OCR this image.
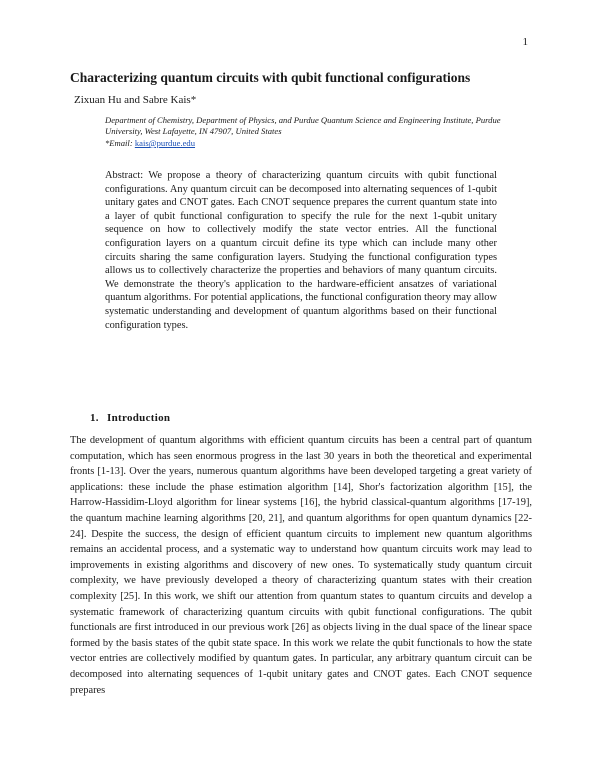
1
Characterizing quantum circuits with qubit functional configurations
Zixuan Hu and Sabre Kais*
Department of Chemistry, Department of Physics, and Purdue Quantum Science and Engineering Institute, Purdue University, West Lafayette, IN 47907, United States
*Email: kais@purdue.edu

Abstract: We propose a theory of characterizing quantum circuits with qubit functional configurations. Any quantum circuit can be decomposed into alternating sequences of 1-qubit unitary gates and CNOT gates. Each CNOT sequence prepares the current quantum state into a layer of qubit functional configuration to specify the rule for the next 1-qubit unitary sequence on how to collectively modify the state vector entries. All the functional configuration layers on a quantum circuit define its type which can include many other circuits sharing the same configuration layers. Studying the functional configuration types allows us to collectively characterize the properties and behaviors of many quantum circuits. We demonstrate the theory's application to the hardware-efficient ansatzes of variational quantum algorithms. For potential applications, the functional configuration theory may allow systematic understanding and development of quantum algorithms based on their functional configuration types.

1. Introduction

The development of quantum algorithms with efficient quantum circuits has been a central part of quantum computation, which has seen enormous progress in the last 30 years in both the theoretical and experimental fronts [1-13]. Over the years, numerous quantum algorithms have been developed targeting a great variety of applications: these include the phase estimation algorithm [14], Shor's factorization algorithm [15], the Harrow-Hassidim-Lloyd algorithm for linear systems [16], the hybrid classical-quantum algorithms [17-19], the quantum machine learning algorithms [20, 21], and quantum algorithms for open quantum dynamics [22-24]. Despite the success, the design of efficient quantum circuits to implement new quantum algorithms remains an accidental process, and a systematic way to understand how quantum circuits work may lead to improvements in existing algorithms and discovery of new ones. To systematically study quantum circuit complexity, we have previously developed a theory of characterizing quantum states with their creation complexity [25]. In this work, we shift our attention from quantum states to quantum circuits and develop a systematic framework of characterizing quantum circuits with qubit functional configurations. The qubit functionals are first introduced in our previous work [26] as objects living in the dual space of the linear space formed by the basis states of the qubit state space. In this work we relate the qubit functionals to how the state vector entries are collectively modified by quantum gates. In particular, any arbitrary quantum circuit can be decomposed into alternating sequences of 1-qubit unitary gates and CNOT gates. Each CNOT sequence prepares
